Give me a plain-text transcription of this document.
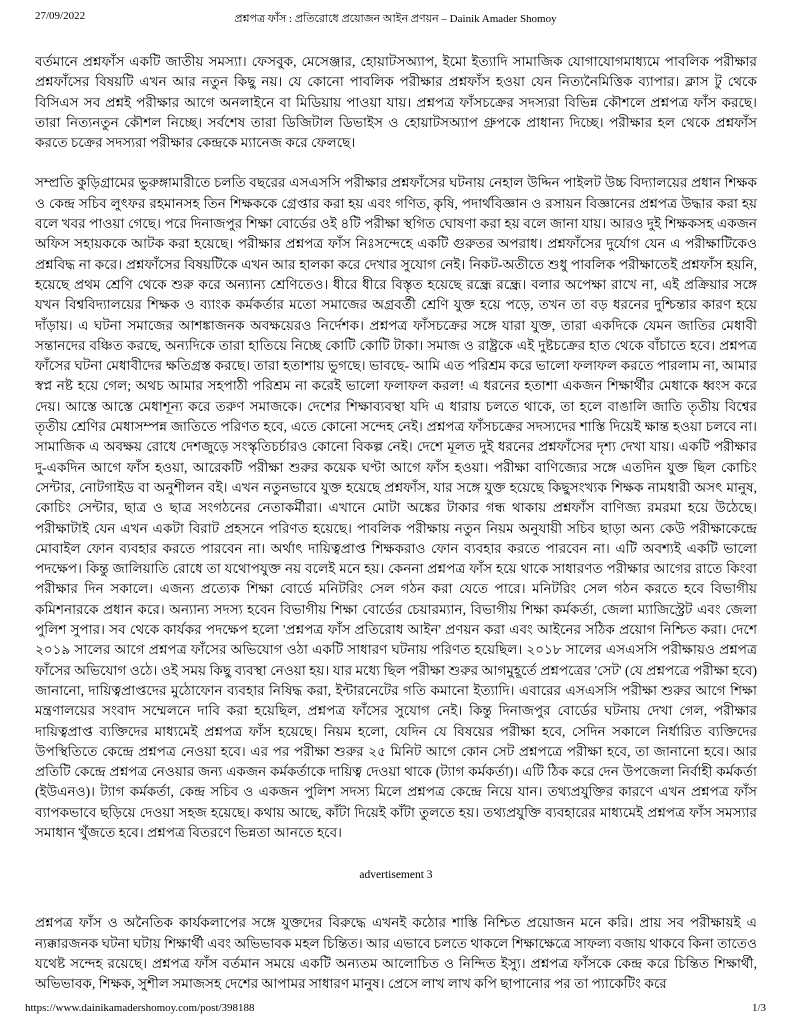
27/09/2022	প্রশ্নপত্র ফাঁস : প্রতিরোধে প্রয়োজন আইন প্রণয়ন – Dainik Amader Shomoy

বর্তমানে প্রশ্নফাঁস একটি জাতীয় সমস্যা। ফেসবুক, মেসেঞ্জার, হোয়াটসঅ্যাপ, ইমো ইত্যাদি সামাজিক যোগাযোগমাধ্যমে পাবলিক পরীক্ষার প্রশ্নফাঁসের বিষয়টি এখন আর নতুন কিছু নয়। যে কোনো পাবলিক পরীক্ষার প্রশ্নফাঁস হওয়া যেন নিত্যনৈমিত্তিক ব্যাপার। ক্লাস টু থেকে বিসিএস সব প্রশ্নই পরীক্ষার আগে অনলাইনে বা মিডিয়ায় পাওয়া যায়। প্রশ্নপত্র ফাঁসচক্রের সদস্যরা বিভিন্ন কৌশলে প্রশ্নপত্র ফাঁস করছে। তারা নিত্যনতুন কৌশল নিচ্ছে। সর্বশেষ তারা ডিজিটাল ডিভাইস ও হোয়াটসঅ্যাপ গ্রুপকে প্রাধান্য দিচ্ছে। পরীক্ষার হল থেকে প্রশ্নফাঁস করতে চক্রের সদস্যরা পরীক্ষার কেন্দ্রকে ম্যানেজ করে ফেলছে।

সম্প্রতি কুড়িগ্রামের ভুরুঙ্গামারীতে চলতি বছরের এসএসসি পরীক্ষার প্রশ্নফাঁসের ঘটনায় নেহাল উদ্দিন পাইলট উচ্চ বিদ্যালয়ের প্রধান শিক্ষক ও কেন্দ্র সচিব লুৎফর রহমানসহ তিন শিক্ষককে গ্রেপ্তার করা হয় এবং গণিত, কৃষি, পদার্থবিজ্ঞান ও রসায়ন বিজ্ঞানের প্রশ্নপত্র উদ্ধার করা হয় বলে খবর পাওয়া গেছে। পরে দিনাজপুর শিক্ষা বোর্ডের ওই ৪টি পরীক্ষা স্থগিত ঘোষণা করা হয় বলে জানা যায়। আরও দুই শিক্ষকসহ একজন অফিস সহায়ককে আটক করা হয়েছে। পরীক্ষার প্রশ্নপত্র ফাঁস নিঃসন্দেহে একটি গুরুতর অপরাধ। প্রশ্নফাঁসের দুর্যোগ যেন এ পরীক্ষাটিকেও প্রশ্নবিদ্ধ না করে। প্রশ্নফাঁসের বিষয়টিকে এখন আর হালকা করে দেখার সুযোগ নেই। নিকট-অতীতে শুধু পাবলিক পরীক্ষাতেই প্রশ্নফাঁস হয়নি, হয়েছে প্রথম শ্রেণি থেকে শুরু করে অন্যান্য শ্রেণিতেও। ধীরে ধীরে বিস্তৃত হয়েছে রন্ধ্রে রন্ধ্রে। বলার অপেক্ষা রাখে না, এই প্রক্রিয়ার সঙ্গে যখন বিশ্ববিদ্যালয়ের শিক্ষক ও ব্যাংক কর্মকর্তার মতো সমাজের অগ্রবর্তী শ্রেণি যুক্ত হয়ে পড়ে, তখন তা বড় ধরনের দুশ্চিন্তার কারণ হয়ে দাঁড়ায়। এ ঘটনা সমাজের আশঙ্কাজনক অবক্ষয়েরও নির্দেশক। প্রশ্নপত্র ফাঁসচক্রের সঙ্গে যারা যুক্ত, তারা একদিকে যেমন জাতির মেধাবী সন্তানদের বঞ্চিত করছে, অন্যদিকে তারা হাতিয়ে নিচ্ছে কোটি কোটি টাকা। সমাজ ও রাষ্ট্রকে এই দুষ্টচক্রের হাত থেকে বাঁচাতে হবে। প্রশ্নপত্র ফাঁসের ঘটনা মেধাবীদের ক্ষতিগ্রস্ত করছে। তারা হতাশায় ভুগছে। ভাবছে- আমি এত পরিশ্রম করে ভালো ফলাফল করতে পারলাম না, আমার স্বপ্ন নষ্ট হয়ে গেল; অথচ আমার সহপাঠী পরিশ্রম না করেই ভালো ফলাফল করল! এ ধরনের হতাশা একজন শিক্ষার্থীর মেধাকে ধ্বংস করে দেয়। আস্তে আস্তে মেধাশূন্য করে তরুণ সমাজকে। দেশের শিক্ষাব্যবস্থা যদি এ ধারায় চলতে থাকে, তা হলে বাঙালি জাতি তৃতীয় বিশ্বের তৃতীয় শ্রেণির মেধাসম্পন্ন জাতিতে পরিণত হবে, এতে কোনো সন্দেহ নেই। প্রশ্নপত্র ফাঁসচক্রের সদস্যদের শাস্তি দিয়েই ক্ষান্ত হওয়া চলবে না। সামাজিক এ অবক্ষয় রোধে দেশজুড়ে সংস্কৃতিচর্চারও কোনো বিকল্প নেই। দেশে মূলত দুই ধরনের প্রশ্নফাঁসের দৃশ্য দেখা যায়। একটি পরীক্ষার দু-একদিন আগে ফাঁস হওয়া, আরেকটি পরীক্ষা শুরুর কয়েক ঘণ্টা আগে ফাঁস হওয়া। পরীক্ষা বাণিজ্যের সঙ্গে এতদিন যুক্ত ছিল কোচিং সেন্টার, নোটগাইড বা অনুশীলন বই। এখন নতুনভাবে যুক্ত হয়েছে প্রশ্নফাঁস, যার সঙ্গে যুক্ত হয়েছে কিছুসংখ্যক শিক্ষক নামধারী অসৎ মানুষ, কোচিং সেন্টার, ছাত্র ও ছাত্র সংগঠনের নেতাকর্মীরা। এখানে মোটা অঙ্কের টাকার গন্ধ থাকায় প্রশ্নফাঁস বাণিজ্য রমরমা হয়ে উঠেছে। পরীক্ষাটাই যেন এখন একটা বিরাট প্রহসনে পরিণত হয়েছে। পাবলিক পরীক্ষায় নতুন নিয়ম অনুযায়ী সচিব ছাড়া অন্য কেউ পরীক্ষাকেন্দ্রে মোবাইল ফোন ব্যবহার করতে পারবেন না। অর্থাৎ দায়িত্বপ্রাপ্ত শিক্ষকরাও ফোন ব্যবহার করতে পারবেন না। এটি অবশ্যই একটি ভালো পদক্ষেপ। কিন্তু জালিয়াতি রোধে তা যথোপযুক্ত নয় বলেই মনে হয়। কেননা প্রশ্নপত্র ফাঁস হয়ে থাকে সাধারণত পরীক্ষার আগের রাতে কিংবা পরীক্ষার দিন সকালে। এজন্য প্রত্যেক শিক্ষা বোর্ডে মনিটরিং সেল গঠন করা যেতে পারে। মনিটরিং সেল গঠন করতে হবে বিভাগীয় কমিশনারকে প্রধান করে। অন্যান্য সদস্য হবেন বিভাগীয় শিক্ষা বোর্ডের চেয়ারম্যান, বিভাগীয় শিক্ষা কর্মকর্তা, জেলা ম্যাজিস্ট্রেট এবং জেলা পুলিশ সুপার। সব থেকে কার্যকর পদক্ষেপ হলো 'প্রশ্নপত্র ফাঁস প্রতিরোধ আইন' প্রণয়ন করা এবং আইনের সঠিক প্রয়োগ নিশ্চিত করা। দেশে ২০১৯ সালের আগে প্রশ্নপত্র ফাঁসের অভিযোগ ওঠা একটি সাধারণ ঘটনায় পরিণত হয়েছিল। ২০১৮ সালের এসএসসি পরীক্ষায়ও প্রশ্নপত্র ফাঁসের অভিযোগ ওঠে। ওই সময় কিছু ব্যবস্থা নেওয়া হয়। যার মধ্যে ছিল পরীক্ষা শুরুর আগমুহূর্তে প্রশ্নপত্রের 'সেট' (যে প্রশ্নপত্রে পরীক্ষা হবে) জানানো, দায়িত্বপ্রাপ্তদের মুঠোফোন ব্যবহার নিষিদ্ধ করা, ইন্টারনেটের গতি কমানো ইত্যাদি। এবারের এসএসসি পরীক্ষা শুরুর আগে শিক্ষা মন্ত্রণালয়ের সংবাদ সম্মেলনে দাবি করা হয়েছিল, প্রশ্নপত্র ফাঁসের সুযোগ নেই। কিন্তু দিনাজপুর বোর্ডের ঘটনায় দেখা গেল, পরীক্ষার দায়িত্বপ্রাপ্ত ব্যক্তিদের মাধ্যমেই প্রশ্নপত্র ফাঁস হয়েছে। নিয়ম হলো, যেদিন যে বিষয়ের পরীক্ষা হবে, সেদিন সকালে নির্ধারিত ব্যক্তিদের উপস্থিতিতে কেন্দ্রে প্রশ্নপত্র নেওয়া হবে। এর পর পরীক্ষা শুরুর ২৫ মিনিট আগে কোন সেট প্রশ্নপত্রে পরীক্ষা হবে, তা জানানো হবে। আর প্রতিটি কেন্দ্রে প্রশ্নপত্র নেওয়ার জন্য একজন কর্মকর্তাকে দায়িত্ব দেওয়া থাকে (ট্যাগ কর্মকর্তা)। এটি ঠিক করে দেন উপজেলা নির্বাহী কর্মকর্তা (ইউএনও)। ট্যাগ কর্মকর্তা, কেন্দ্র সচিব ও একজন পুলিশ সদস্য মিলে প্রশ্নপত্র কেন্দ্রে নিয়ে যান। তথ্যপ্রযুক্তির কারণে এখন প্রশ্নপত্র ফাঁস ব্যাপকভাবে ছড়িয়ে দেওয়া সহজ হয়েছে। কথায় আছে, কাঁটা দিয়েই কাঁটা তুলতে হয়। তথ্যপ্রযুক্তি ব্যবহারের মাধ্যমেই প্রশ্নপত্র ফাঁস সমস্যার সমাধান খুঁজতে হবে। প্রশ্নপত্র বিতরণে ভিন্নতা আনতে হবে।

advertisement 3

প্রশ্নপত্র ফাঁস ও অনৈতিক কার্যকলাপের সঙ্গে যুক্তদের বিরুদ্ধে এখনই কঠোর শাস্তি নিশ্চিত প্রয়োজন মনে করি। প্রায় সব পরীক্ষায়ই এ ন্যক্কারজনক ঘটনা ঘটায় শিক্ষার্থী এবং অভিভাবক মহল চিন্তিত। আর এভাবে চলতে থাকলে শিক্ষাক্ষেত্রে সাফল্য বজায় থাকবে কিনা তাতেও যথেষ্ট সন্দেহ রয়েছে। প্রশ্নপত্র ফাঁস বর্তমান সময়ে একটি অন্যতম আলোচিত ও নিন্দিত ইস্যু। প্রশ্নপত্র ফাঁসকে কেন্দ্র করে চিন্তিত শিক্ষার্থী, অভিভাবক, শিক্ষক, সুশীল সমাজসহ দেশের আপামর সাধারণ মানুষ। প্রেসে লাখ লাখ কপি ছাপানোর পর তা প্যাকেটিং করে

https://www.dainikamadershomoy.com/post/398188	1/3
